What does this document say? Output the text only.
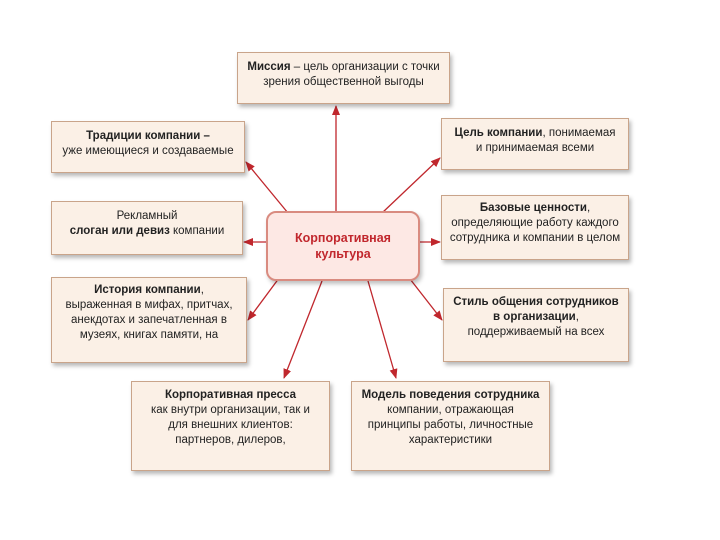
Корпоративная
культура
Миссия – цель организации с точки
зрения общественной выгоды
Цель компании, понимаемая
и принимаемая всеми
Базовые ценности,
определяющие работу каждого
сотрудника и компании в целом
Стиль общения сотрудников
в организации,
поддерживаемый на всех
Модель поведения сотрудника
компании, отражающая
принципы работы, личностные
характеристики
Корпоративная пресса
как внутри организации, так и
для внешних клиентов:
партнеров, дилеров,
История компании,
выраженная в мифах, притчах,
анекдотах и запечатленная в
музеях, книгах памяти, на
Рекламный
слоган или девиз компании
Традиции компании –
уже имеющиеся и создаваемые
